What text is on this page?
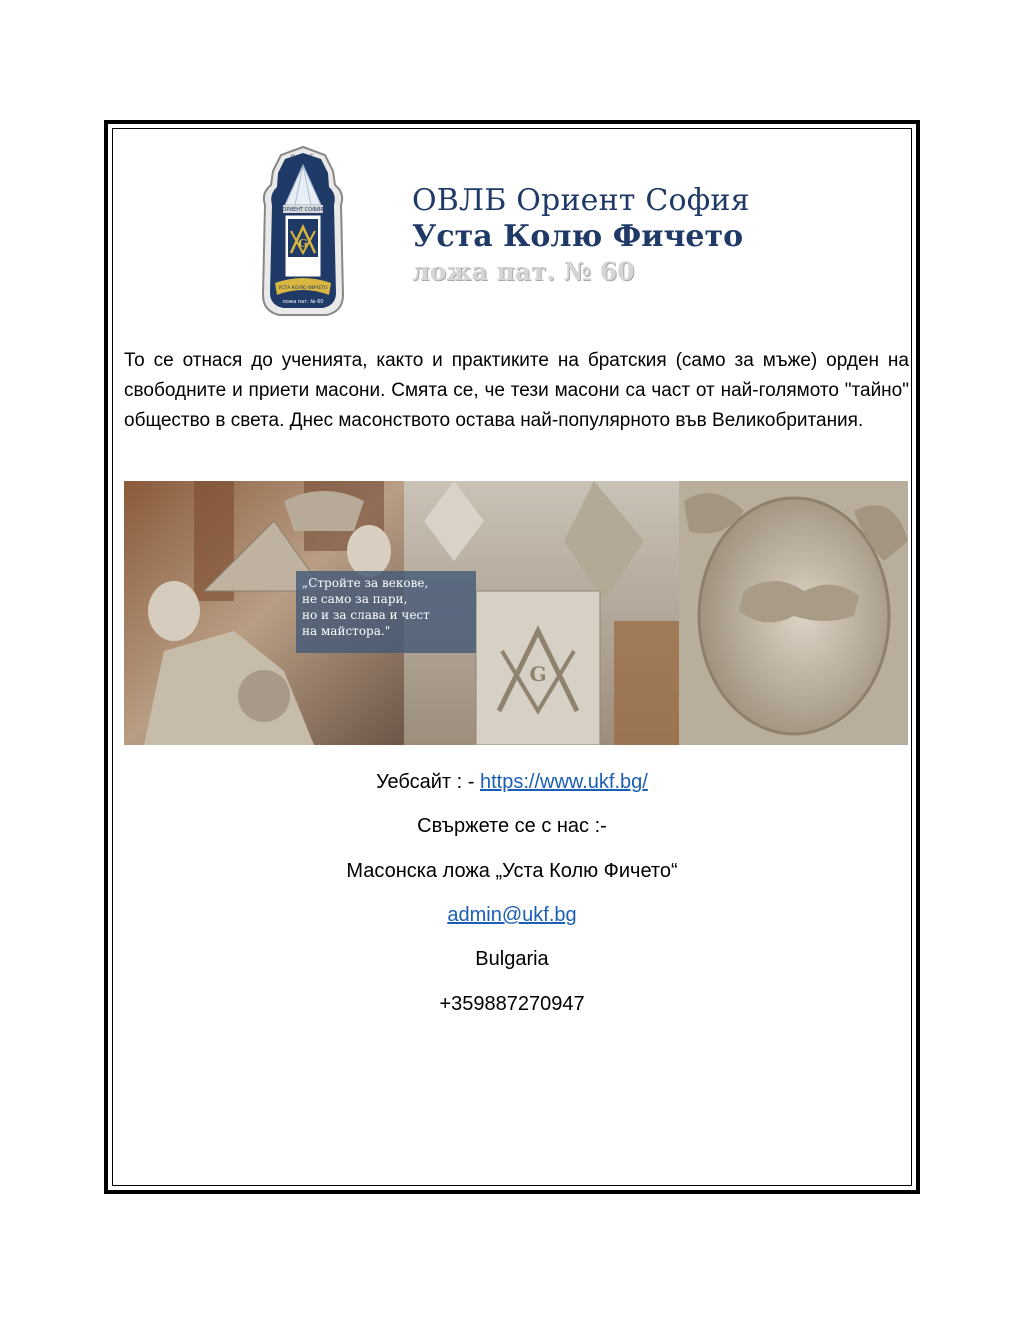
О.В.Л.Б.
ОРИЕНТ СОФИЯ
G
УСТА КОЛЮ ФИЧЕТО
ложа пат. № 60
ОВЛБ Ориент София
Уста Колю Фичето
ложа пат. № 60
То се отнася до ученията, както и практиките на братския (само за мъже) орден на свободните и приети масони. Смята се, че тези масони са част от най-голямото "тайно" общество в света. Днес масонството остава най-популярното във Великобритания.
G
„Стройте за векове,
не само за пари,
но и за слава и чест
на майстора."
Уебсайт : - https://www.ukf.bg/
Свържете се с нас :-
Масонска ложа „Уста Колю Фичето“
admin@ukf.bg
Bulgaria
+359887270947
